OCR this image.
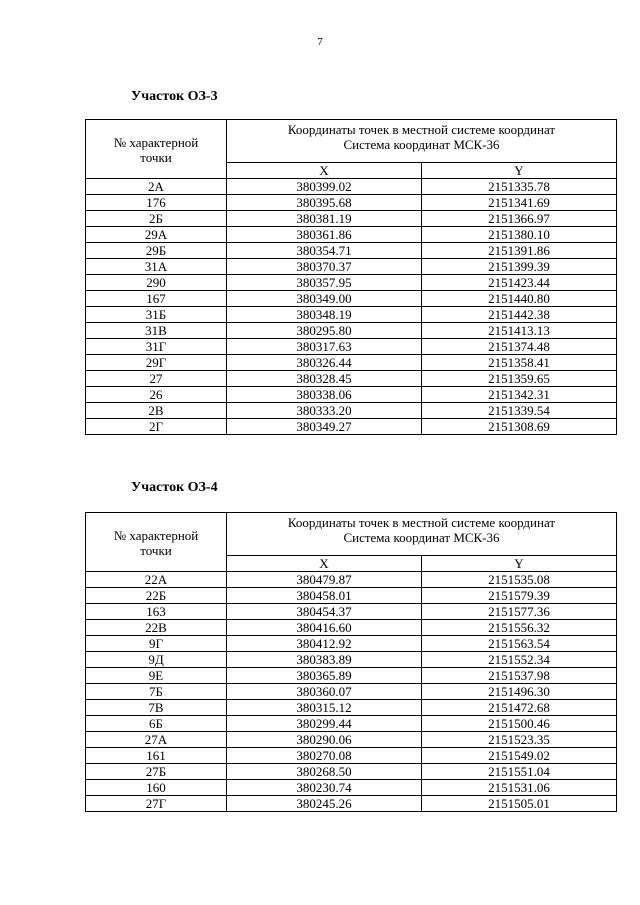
7
Участок ОЗ-3
№ характерной
точки	Координаты точек в местной системе координат
Система координат МСК-36	

	X	Y
2А	380399.02	2151335.78
176	380395.68	2151341.69
2Б	380381.19	2151366.97
29А	380361.86	2151380.10
29Б	380354.71	2151391.86
31А	380370.37	2151399.39
290	380357.95	2151423.44
167	380349.00	2151440.80
31Б	380348.19	2151442.38
31В	380295.80	2151413.13
31Г	380317.63	2151374.48
29Г	380326.44	2151358.41
27	380328.45	2151359.65
26	380338.06	2151342.31
2В	380333.20	2151339.54
2Г	380349.27	2151308.69
Участок ОЗ-4
№ характерной
точки	Координаты точек в местной системе координат
Система координат МСК-36	

	X	Y
22А	380479.87	2151535.08
22Б	380458.01	2151579.39
163	380454.37	2151577.36
22В	380416.60	2151556.32
9Г	380412.92	2151563.54
9Д	380383.89	2151552.34
9Е	380365.89	2151537.98
7Б	380360.07	2151496.30
7В	380315.12	2151472.68
6Б	380299.44	2151500.46
27А	380290.06	2151523.35
161	380270.08	2151549.02
27Б	380268.50	2151551.04
160	380230.74	2151531.06
27Г	380245.26	2151505.01
